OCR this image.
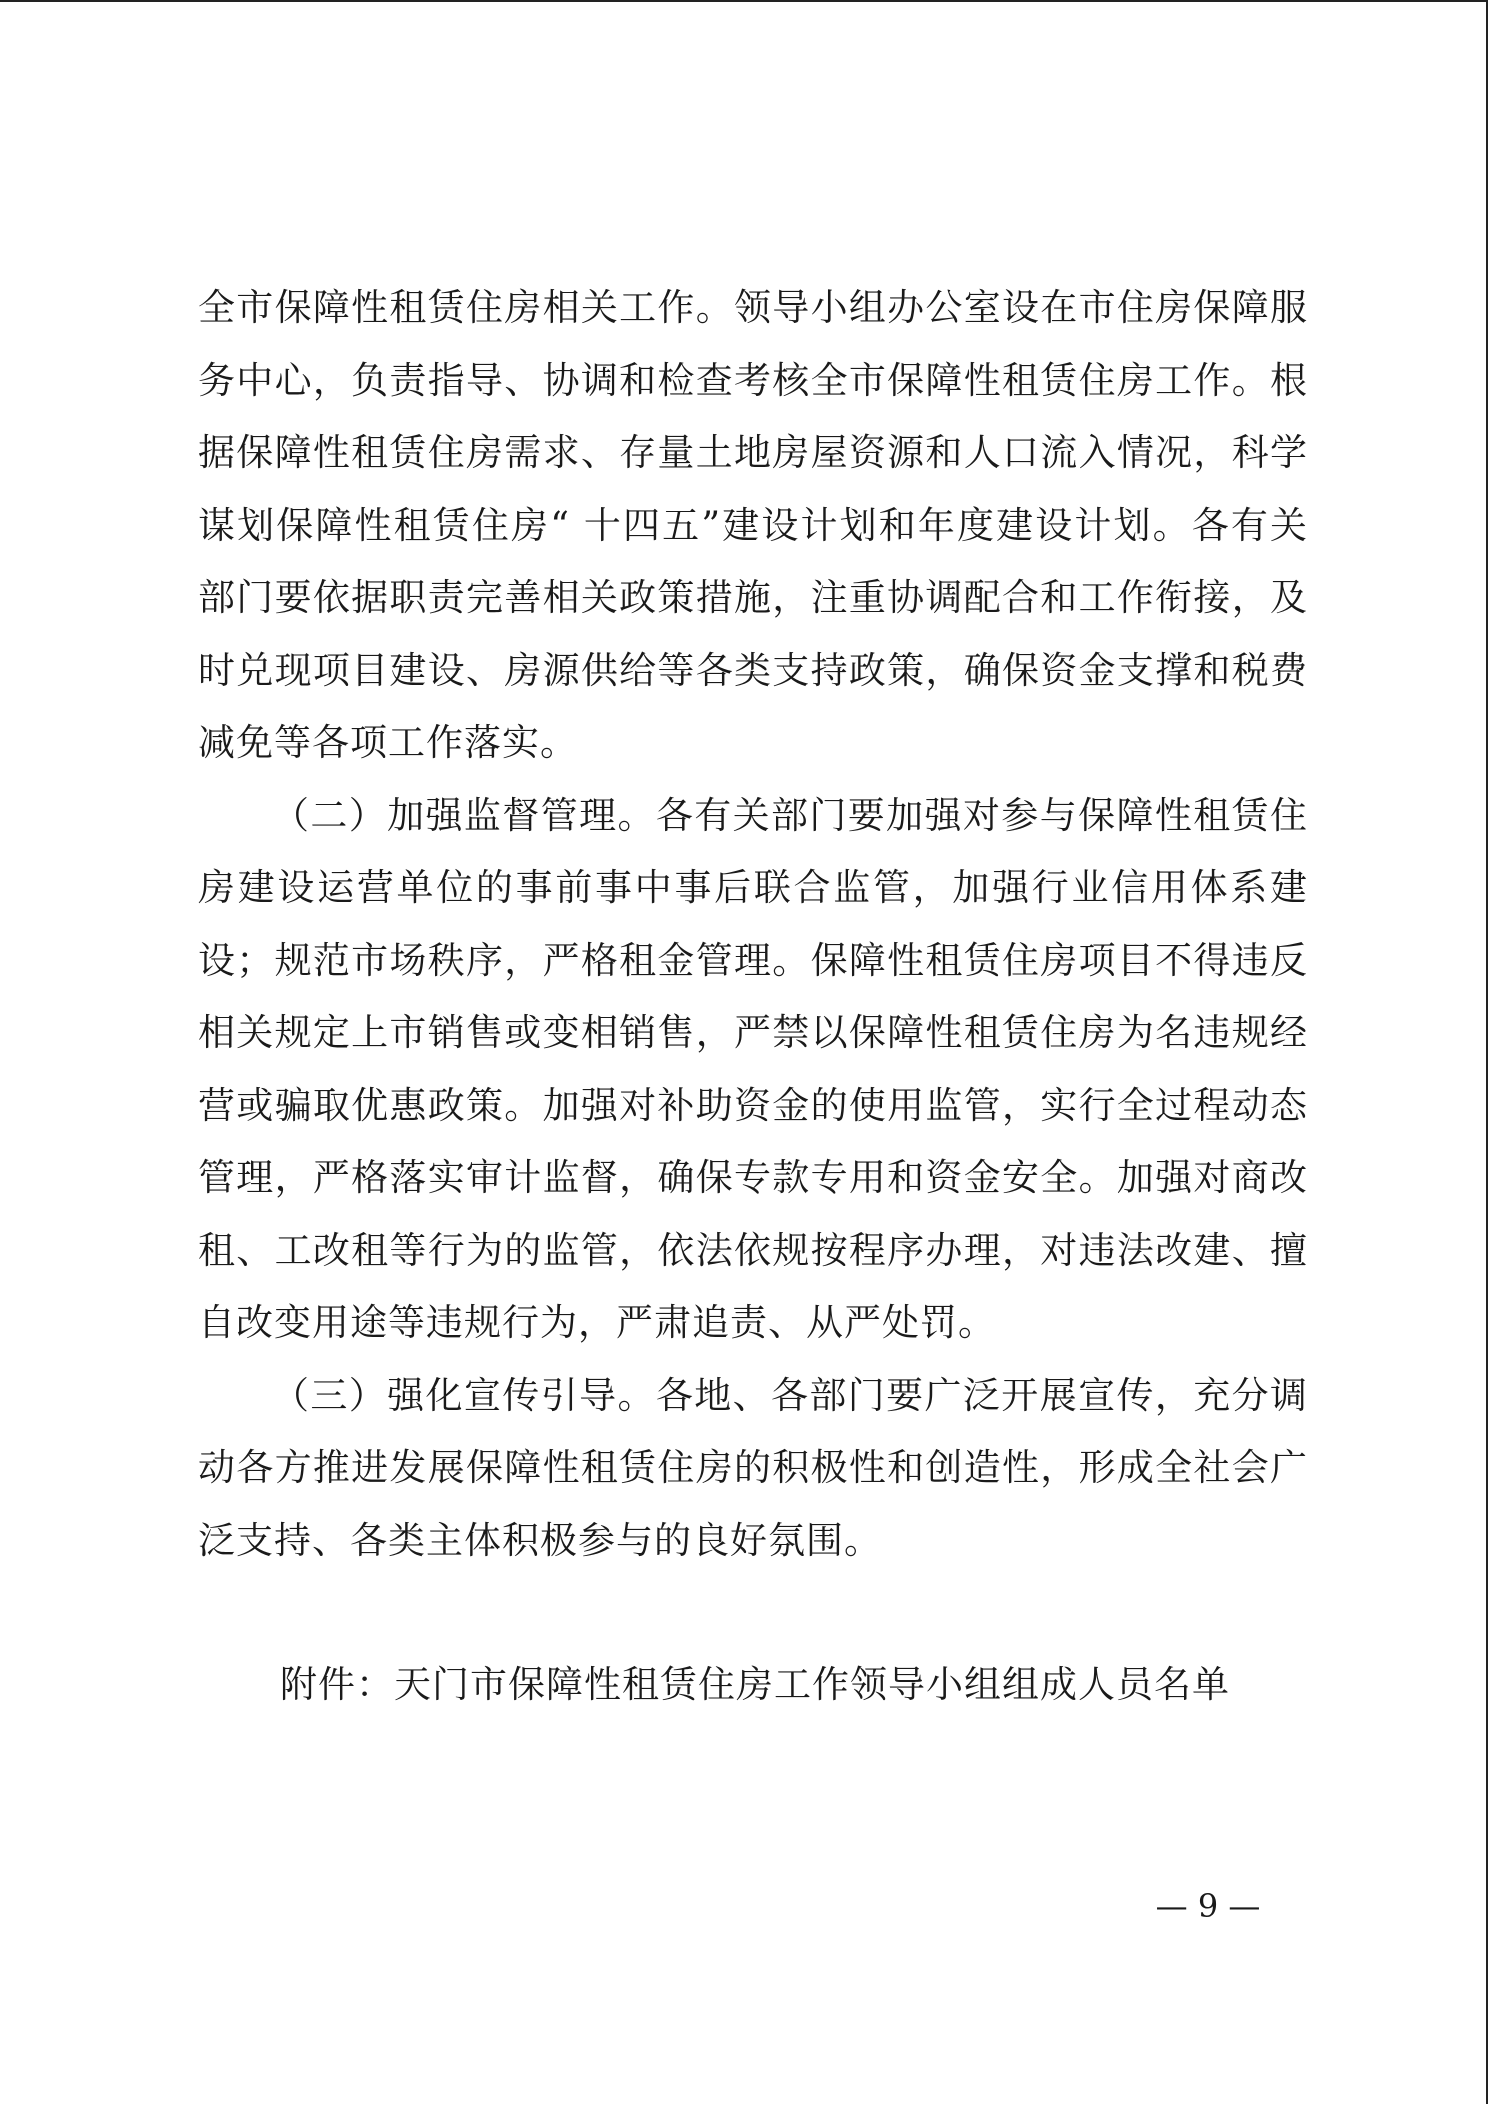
全市保障性租赁住房相关工作。领导小组办公室设在市住房保障服务中心，负责指导、协调和检查考核全市保障性租赁住房工作。根据保障性租赁住房需求、存量土地房屋资源和人口流入情况，科学谋划保障性租赁住房“ 十四五”建设计划和年度建设计划。各有关部门要依据职责完善相关政策措施，注重协调配合和工作衔接，及时兑现项目建设、房源供给等各类支持政策，确保资金支撑和税费减免等各项工作落实。

（二）加强监督管理。各有关部门要加强对参与保障性租赁住房建设运营单位的事前事中事后联合监管，加强行业信用体系建设；规范市场秩序，严格租金管理。保障性租赁住房项目不得违反相关规定上市销售或变相销售，严禁以保障性租赁住房为名违规经营或骗取优惠政策。加强对补助资金的使用监管，实行全过程动态管理，严格落实审计监督，确保专款专用和资金安全。加强对商改租、工改租等行为的监管，依法依规按程序办理，对违法改建、擅自改变用途等违规行为，严肃追责、从严处罚。

（三）强化宣传引导。各地、各部门要广泛开展宣传，充分调动各方推进发展保障性租赁住房的积极性和创造性，形成全社会广泛支持、各类主体积极参与的良好氛围。

附件：天门市保障性租赁住房工作领导小组组成人员名单

— 9 —
